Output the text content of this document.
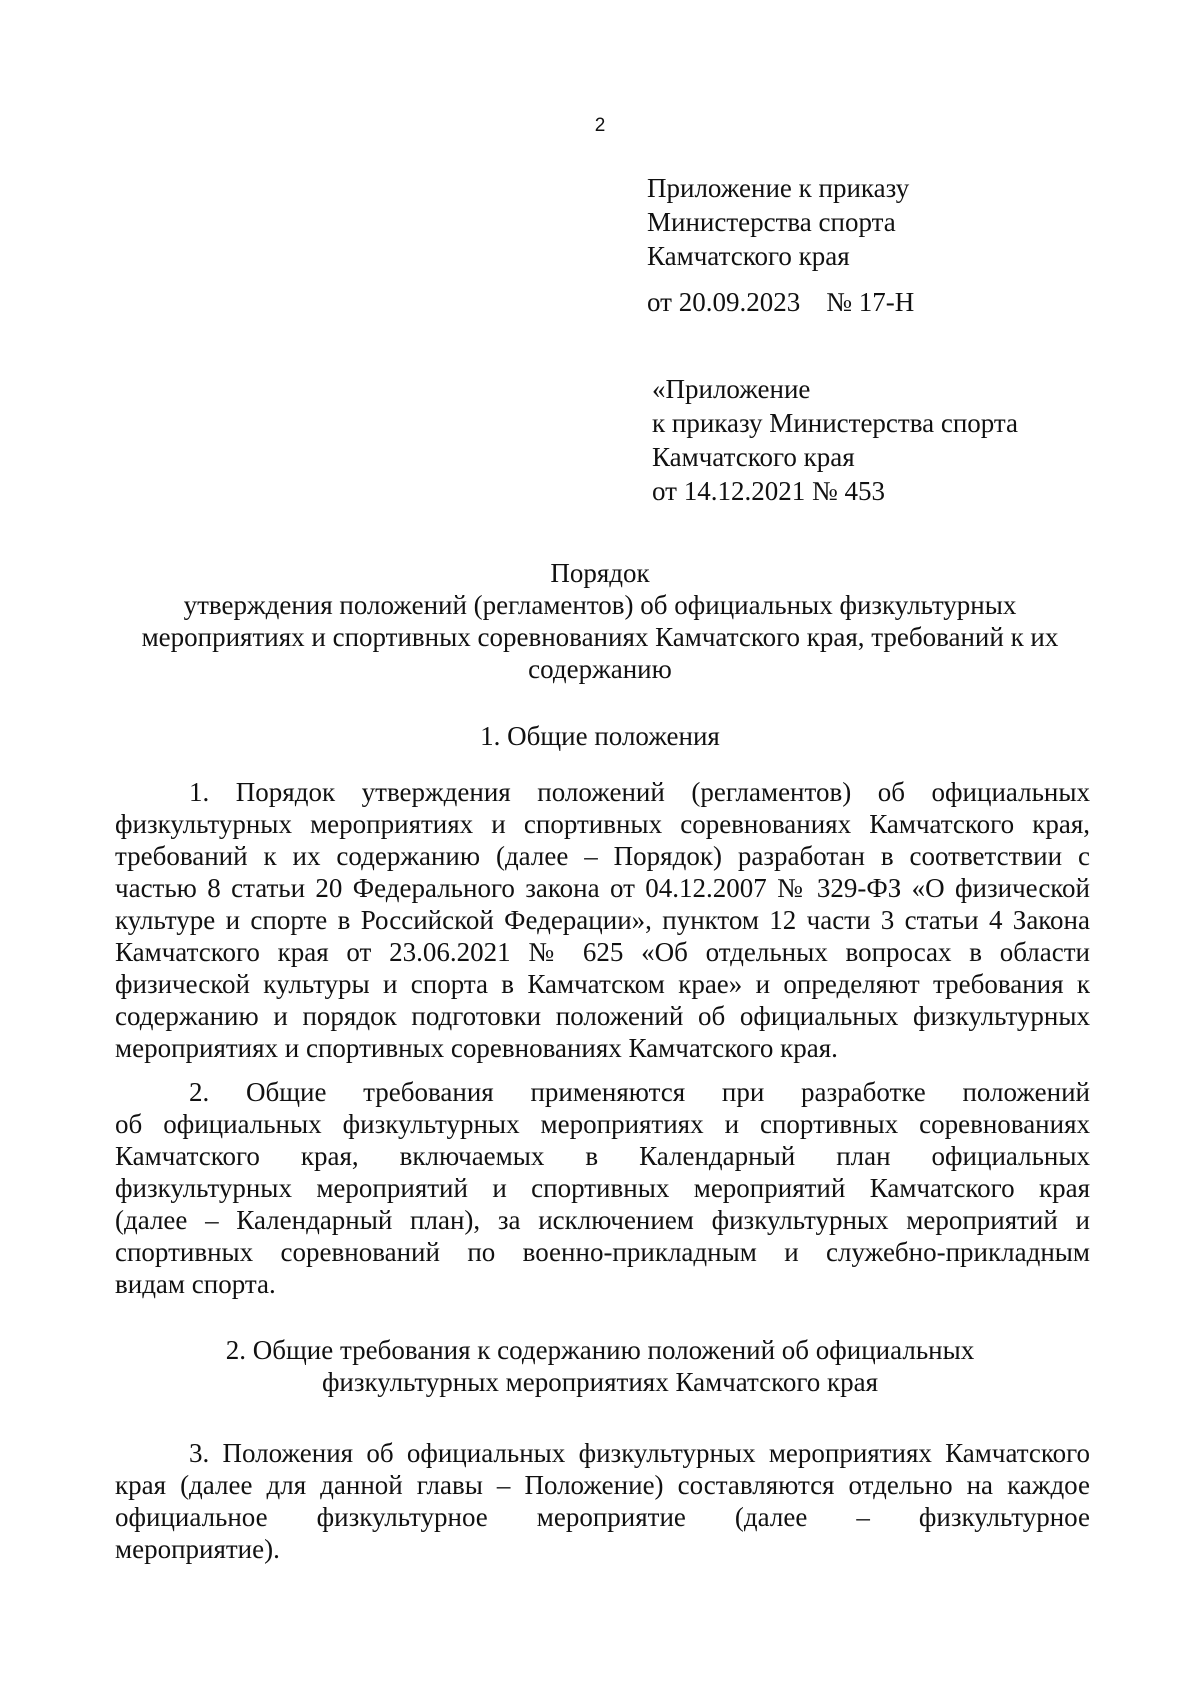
2
Приложение к приказу
Министерства спорта
Камчатского края
от 20.09.2023 № 17-Н
«Приложение
к приказу Министерства спорта
Камчатского края
от 14.12.2021 № 453
Порядок
утверждения положений (регламентов) об официальных физкультурных
мероприятиях и спортивных соревнованиях Камчатского края, требований к их
содержанию
1. Общие положения
1. Порядок утверждения положений (регламентов) об официальных
физкультурных мероприятиях и спортивных соревнованиях Камчатского края,
требований к их содержанию (далее – Порядок) разработан в соответствии с
частью 8 статьи 20 Федерального закона от 04.12.2007 № 329-ФЗ «О физической
культуре и спорте в Российской Федерации», пунктом 12 части 3 статьи 4 Закона
Камчатского края от 23.06.2021 № 625 «Об отдельных вопросах в области
физической культуры и спорта в Камчатском крае» и определяют требования к
содержанию и порядок подготовки положений об официальных физкультурных
мероприятиях и спортивных соревнованиях Камчатского края.
2. Общие требования применяются при разработке положений
об официальных физкультурных мероприятиях и спортивных соревнованиях
Камчатского края, включаемых в Календарный план официальных
физкультурных мероприятий и спортивных мероприятий Камчатского края
(далее – Календарный план), за исключением физкультурных мероприятий и
спортивных соревнований по военно-прикладным и служебно-прикладным
видам спорта.
2. Общие требования к содержанию положений об официальных
физкультурных мероприятиях Камчатского края
3. Положения об официальных физкультурных мероприятиях Камчатского
края (далее для данной главы – Положение) составляются отдельно на каждое
официальное физкультурное мероприятие (далее – физкультурное
мероприятие).
